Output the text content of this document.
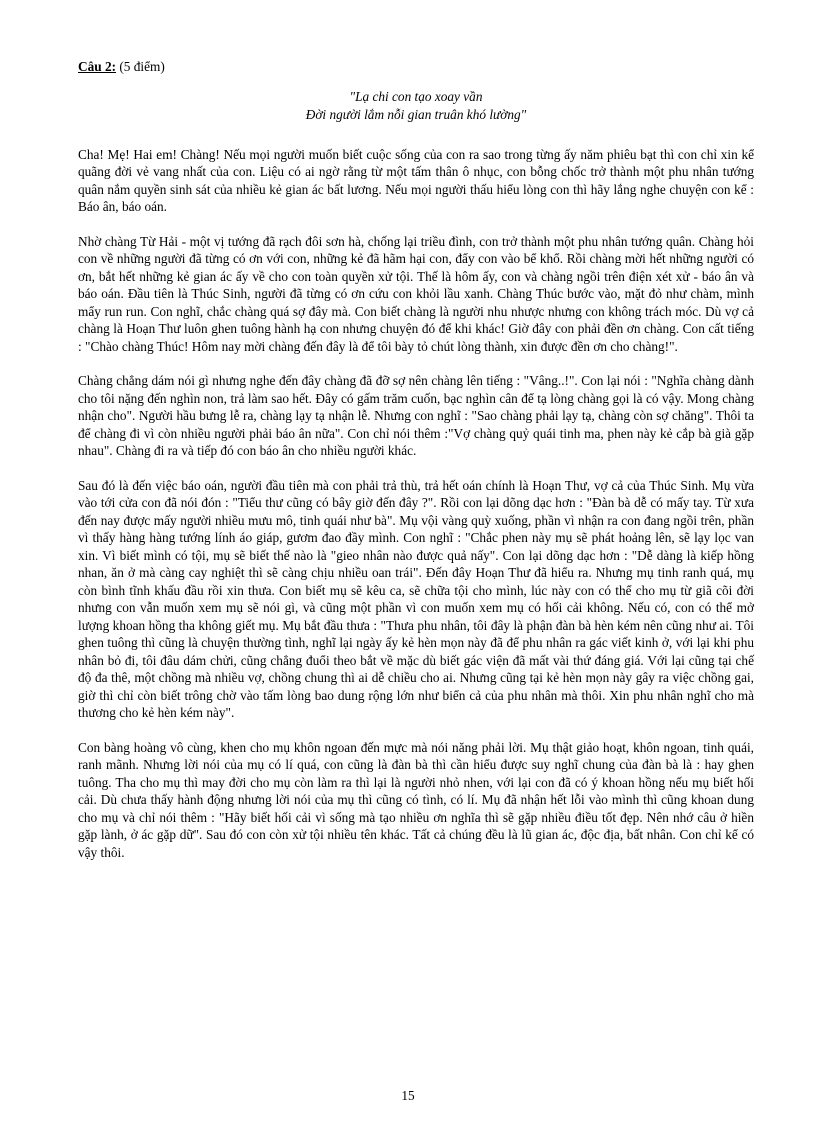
Câu 2: (5 điểm)
"Lạ chi con tạo xoay vần
Đời người lắm nỗi gian truân khó lường"

Cha! Mẹ! Hai em! Chàng! Nếu mọi người muốn biết cuộc sống của con ra sao trong từng ấy năm phiêu bạt thì con chỉ xin kể quãng đời vẻ vang nhất của con. Liệu có ai ngờ rằng từ một tấm thân ô nhục, con bỗng chốc trở thành một phu nhân tướng quân nắm quyền sinh sát của nhiều kẻ gian ác bất lương. Nếu mọi người thấu hiểu lòng con thì hãy lắng nghe chuyện con kể : Báo ân, báo oán.

Nhờ chàng Từ Hải - một vị tướng đã rạch đôi sơn hà, chống lại triều đình, con trở thành một phu nhân tướng quân. Chàng hỏi con về những người đã từng có ơn với con, những kẻ đã hãm hại con, đẩy con vào bể khổ. Rồi chàng mời hết những người có ơn, bắt hết những kẻ gian ác ấy về cho con toàn quyền xử tội. Thế là hôm ấy, con và chàng ngồi trên điện xét xử - báo ân và báo oán. Đầu tiên là Thúc Sinh, người đã từng có ơn cứu con khỏi lầu xanh. Chàng Thúc bước vào, mặt đỏ như chàm, mình mẩy run run. Con nghĩ, chắc chàng quá sợ đây mà. Con biết chàng là người nhu nhược nhưng con không trách móc. Dù vợ cả chàng là Hoạn Thư luôn ghen tuông hành hạ con nhưng chuyện đó để khi khác! Giờ đây con phải đền ơn chàng. Con cất tiếng : "Chào chàng Thúc! Hôm nay mời chàng đến đây là để tôi bày tỏ chút lòng thành, xin được đền ơn cho chàng!".

Chàng chẳng dám nói gì nhưng nghe đến đây chàng đã đỡ sợ nên chàng lên tiếng : "Vâng..!". Con lại nói : "Nghĩa chàng dành cho tôi nặng đến nghìn non, trả làm sao hết. Đây có gấm trăm cuốn, bạc nghìn cân để tạ lòng chàng gọi là có vậy. Mong chàng nhận cho". Người hầu bưng lễ ra, chàng lạy tạ nhận lễ. Nhưng con nghĩ : "Sao chàng phải lạy tạ, chàng còn sợ chăng". Thôi ta để chàng đi vì còn nhiều người phải báo ân nữa". Con chỉ nói thêm :"Vợ chàng quỷ quái tinh ma, phen này kẻ cắp bà già gặp nhau". Chàng đi ra và tiếp đó con báo ân cho nhiều người khác.

Sau đó là đến việc báo oán, người đầu tiên mà con phải trả thù, trả hết oán chính là Hoạn Thư, vợ cả của Thúc Sinh. Mụ vừa vào tới cửa con đã nói đón : "Tiểu thư cũng có bây giờ đến đây ?". Rồi con lại dõng dạc hơn : "Đàn bà dễ có mấy tay. Từ xưa đến nay được mấy người nhiều mưu mô, tinh quái như bà". Mụ vội vàng quỳ xuống, phần vì nhận ra con đang ngồi trên, phần vì thấy hàng hàng tướng lính áo giáp, gươm đao đầy mình. Con nghĩ : "Chắc phen này mụ sẽ phát hoảng lên, sẽ lạy lọc van xin. Vì biết mình có tội, mụ sẽ biết thế nào là "gieo nhân nào được quả nấy". Con lại dõng dạc hơn : "Dễ dàng là kiếp hồng nhan, ăn ở mà càng cay nghiệt thì sẽ càng chịu nhiều oan trái". Đến đây Hoạn Thư đã hiểu ra. Nhưng mụ tinh ranh quá, mụ còn bình tĩnh khấu đầu rồi xin thưa. Con biết mụ sẽ kêu ca, sẽ chữa tội cho mình, lúc này con có thể cho mụ từ giã cõi đời nhưng con vẫn muốn xem mụ sẽ nói gì, và cũng một phần vì con muốn xem mụ có hối cải không. Nếu có, con có thể mở lượng khoan hồng tha không giết mụ. Mụ bắt đầu thưa : "Thưa phu nhân, tôi đây là phận đàn bà hèn kém nên cũng như ai. Tôi ghen tuông thì cũng là chuyện thường tình, nghĩ lại ngày ấy kẻ hèn mọn này đã để phu nhân ra gác viết kinh ở, với lại khi phu nhân bỏ đi, tôi đâu dám chửi, cũng chẳng đuổi theo bắt về mặc dù biết gác viện đã mất vài thứ đáng giá. Với lại cũng tại chế độ đa thê, một chồng mà nhiều vợ, chồng chung thì ai dễ chiều cho ai. Nhưng cũng tại kẻ hèn mọn này gây ra việc chồng gai, giờ thì chỉ còn biết trông chờ vào tấm lòng bao dung rộng lớn như biển cả của phu nhân mà thôi. Xin phu nhân nghĩ cho mà thương cho kẻ hèn kém này".

Con bàng hoàng vô cùng, khen cho mụ khôn ngoan đến mực mà nói năng phải lời. Mụ thật giảo hoạt, khôn ngoan, tinh quái, ranh mãnh. Nhưng lời nói của mụ có lí quá, con cũng là đàn bà thì cần hiểu được suy nghĩ chung của đàn bà là : hay ghen tuông. Tha cho mụ thì may đời cho mụ còn làm ra thì lại là người nhỏ nhen, với lại con đã có ý khoan hồng nếu mụ biết hối cải. Dù chưa thấy hành động nhưng lời nói của mụ thì cũng có tình, có lí. Mụ đã nhận hết lỗi vào mình thì cũng khoan dung cho mụ và chỉ nói thêm : "Hãy biết hối cải vì sống mà tạo nhiều ơn nghĩa thì sẽ gặp nhiều điều tốt đẹp. Nên nhớ câu ở hiền gặp lành, ở ác gặp dữ". Sau đó con còn xử tội nhiều tên khác. Tất cả chúng đều là lũ gian ác, độc địa, bất nhân. Con chỉ kể có vậy thôi.

15
